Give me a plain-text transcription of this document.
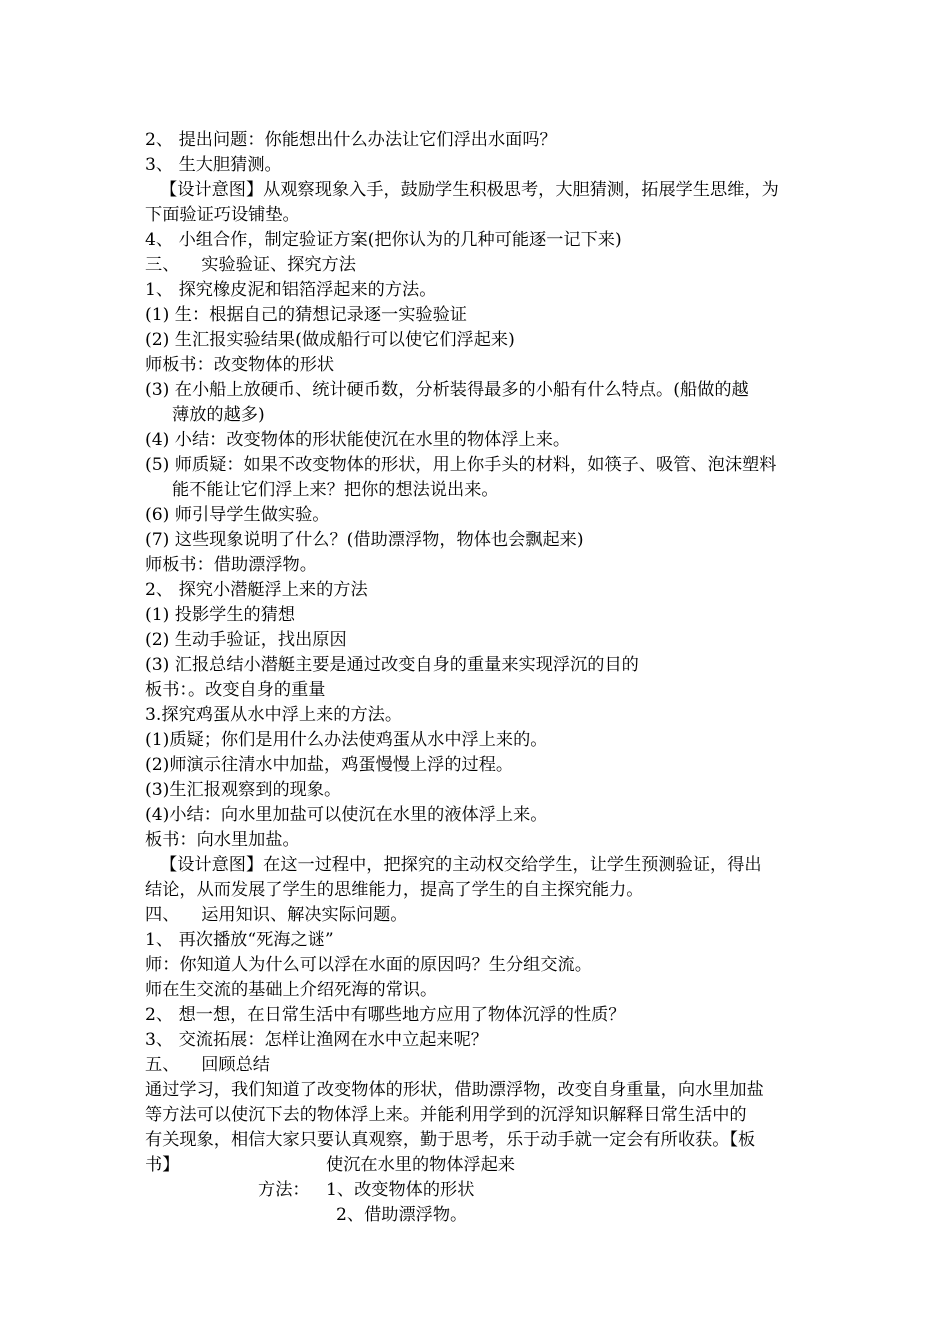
2、 提出问题：你能想出什么办法让它们浮出水面吗？
3、 生大胆猜测。
【设计意图】从观察现象入手，鼓励学生积极思考，大胆猜测，拓展学生思维，为
下面验证巧设铺垫。
4、 小组合作，制定验证方案(把你认为的几种可能逐一记下来)
三、    实验验证、探究方法
1、 探究橡皮泥和铝箔浮起来的方法。
(1) 生：根据自己的猜想记录逐一实验验证
(2) 生汇报实验结果(做成船行可以使它们浮起来)
师板书：改变物体的形状
(3) 在小船上放硬币、统计硬币数，分析装得最多的小船有什么特点。(船做的越
薄放的越多)
(4) 小结：改变物体的形状能使沉在水里的物体浮上来。
(5) 师质疑：如果不改变物体的形状，用上你手头的材料，如筷子、吸管、泡沫塑料
能不能让它们浮上来？把你的想法说出来。
(6) 师引导学生做实验。
(7) 这些现象说明了什么？(借助漂浮物，物体也会飘起来)
师板书：借助漂浮物。
2、 探究小潜艇浮上来的方法
(1) 投影学生的猜想
(2) 生动手验证，找出原因
(3) 汇报总结小潜艇主要是通过改变自身的重量来实现浮沉的目的
板书：。改变自身的重量
3.探究鸡蛋从水中浮上来的方法。
(1)质疑；你们是用什么办法使鸡蛋从水中浮上来的。
(2)师演示往清水中加盐，鸡蛋慢慢上浮的过程。
(3)生汇报观察到的现象。
(4)小结：向水里加盐可以使沉在水里的液体浮上来。
板书：向水里加盐。
【设计意图】在这一过程中，把探究的主动权交给学生，让学生预测验证，得出
结论，从而发展了学生的思维能力，提高了学生的自主探究能力。
四、    运用知识、解决实际问题。
1、 再次播放“死海之谜”
师：你知道人为什么可以浮在水面的原因吗？生分组交流。
师在生交流的基础上介绍死海的常识。
2、 想一想，在日常生活中有哪些地方应用了物体沉浮的性质？
3、 交流拓展：怎样让渔网在水中立起来呢？
五、    回顾总结
通过学习，我们知道了改变物体的形状，借助漂浮物，改变自身重量，向水里加盐
等方法可以使沉下去的物体浮上来。并能利用学到的沉浮知识解释日常生活中的
有关现象，相信大家只要认真观察，勤于思考，乐于动手就一定会有所收获。【板
书】	使沉在水里的物体浮起来
方法： 1、改变物体的形状
2、借助漂浮物。
